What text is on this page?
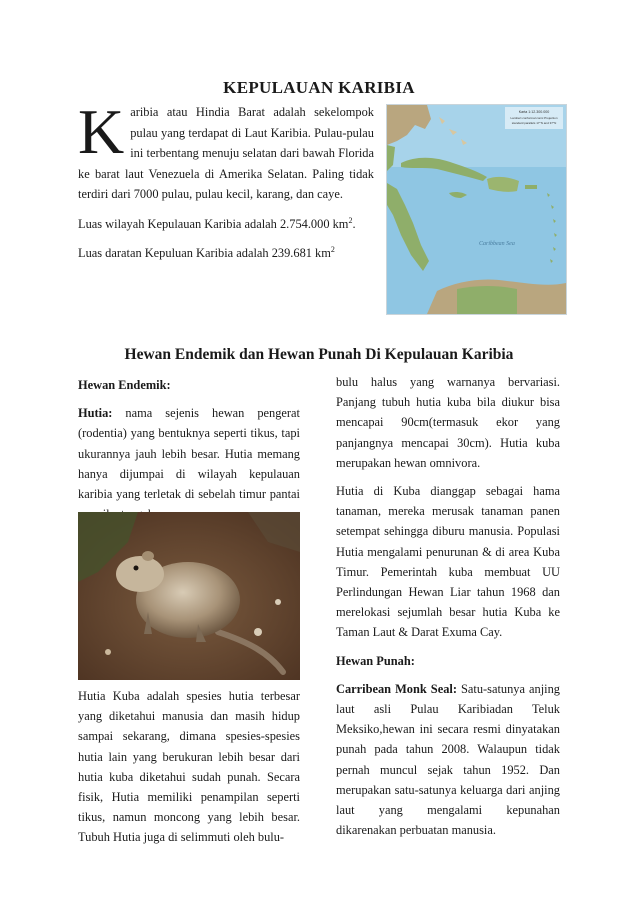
KEPULAUAN KARIBIA

Karibia atau Hindia Barat adalah sekelompok pulau yang terdapat di Laut Karibia. Pulau-pulau ini terbentang menuju selatan dari bawah Florida ke barat laut Venezuela di Amerika Selatan. Paling tidak terdiri dari 7000 pulau, pulau kecil, karang, dan caye.

Luas wilayah Kepulauan Karibia adalah 2.754.000 $km^2$.

Luas daratan Kepuluan Karibia adalah 239.681 $km^2$

Karta 1:12.300.000
Lambert conformal conic Projection
standard parallels 17°N and 37°N
Caribbean Sea
Hewan Endemik dan Hewan Punah Di Kepulauan Karibia

Hewan Endemik:

Hutia: nama sejenis hewan pengerat (rodentia) yang bentuknya seperti tikus, tapi ukurannya jauh lebih besar. Hutia memang hanya dijumpai di wilayah kepulauan karibia yang terletak di sebelah timur pantai

Hutia Kuba adalah spesies hutia terbesar yang diketahui manusia dan masih hidup sampai sekarang, dimana spesies-spesies hutia lain yang berukuran lebih besar dari hutia kuba diketahui sudah punah. Secara fisik, Hutia memiliki penampilan seperti tikus, namun moncong yang lebih besar. Tubuh Hutia juga di selimmuti oleh bulu-

bulu halus yang warnanya bervariasi. Panjang tubuh hutia kuba bila diukur bisa mencapai 90cm(termasuk ekor yang panjangnya mencapai 30cm). Hutia kuba merupakan hewan omnivora.

Hutia di Kuba dianggap sebagai hama tanaman, mereka merusak tanaman panen setempat sehingga diburu manusia. Populasi Hutia mengalami penurunan & di area Kuba Timur. Pemerintah kuba membuat UU Perlindungan Hewan Liar tahun 1968 dan merelokasi sejumlah besar hutia Kuba ke Taman Laut & Darat Exuma Cay.

Hewan Punah:

Carribean Monk Seal: Satu-satunya anjing laut asli Pulau Karibiadan Teluk Meksiko,hewan ini secara resmi dinyatakan punah pada tahun 2008. Walaupun tidak pernah muncul sejak tahun 1952. Dan merupakan satu-satunya keluarga dari anjing laut yang mengalami kepunahan dikarenakan perbuatan manusia.
